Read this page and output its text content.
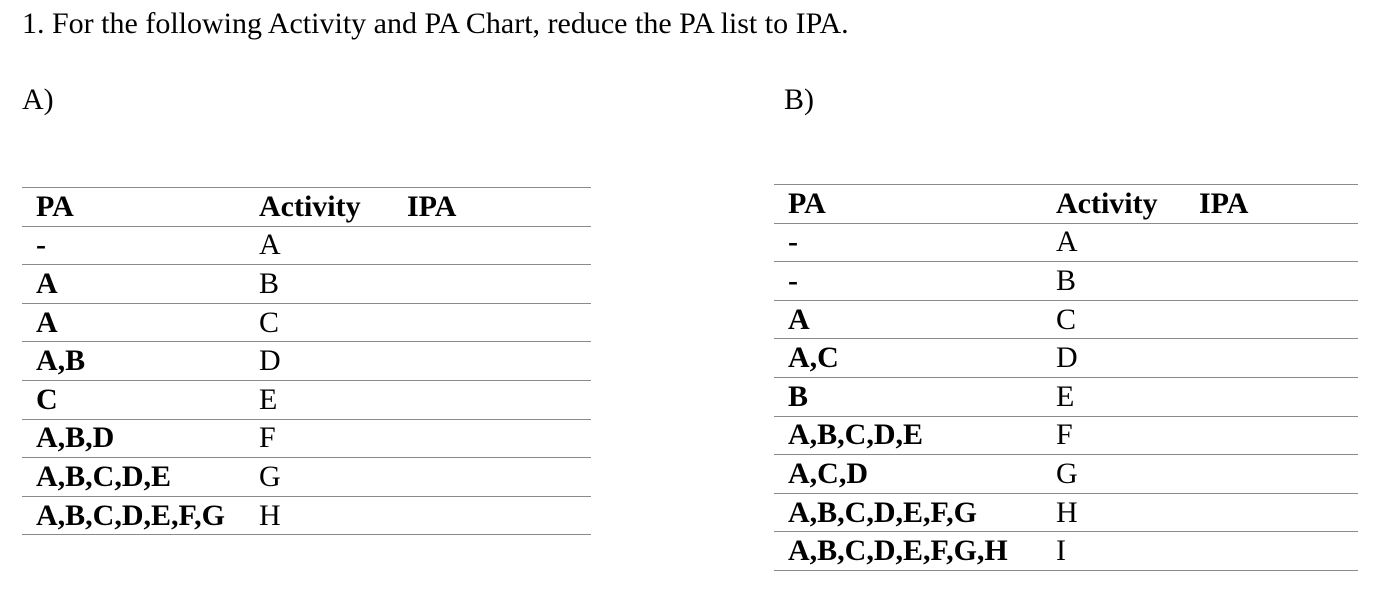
1. For the following Activity and PA Chart, reduce the PA list to IPA.
A)	B)
PA	Activity	IPA
-	A	
A	B	
A	C	
A,B	D	
C	E	
A,B,D	F	
A,B,C,D,E	G	
A,B,C,D,E,F,G	H	
PA	Activity	IPA
-	A	
-	B	
A	C	
A,C	D	
B	E	
A,B,C,D,E	F	
A,C,D	G	
A,B,C,D,E,F,G	H	
A,B,C,D,E,F,G,H	I	
